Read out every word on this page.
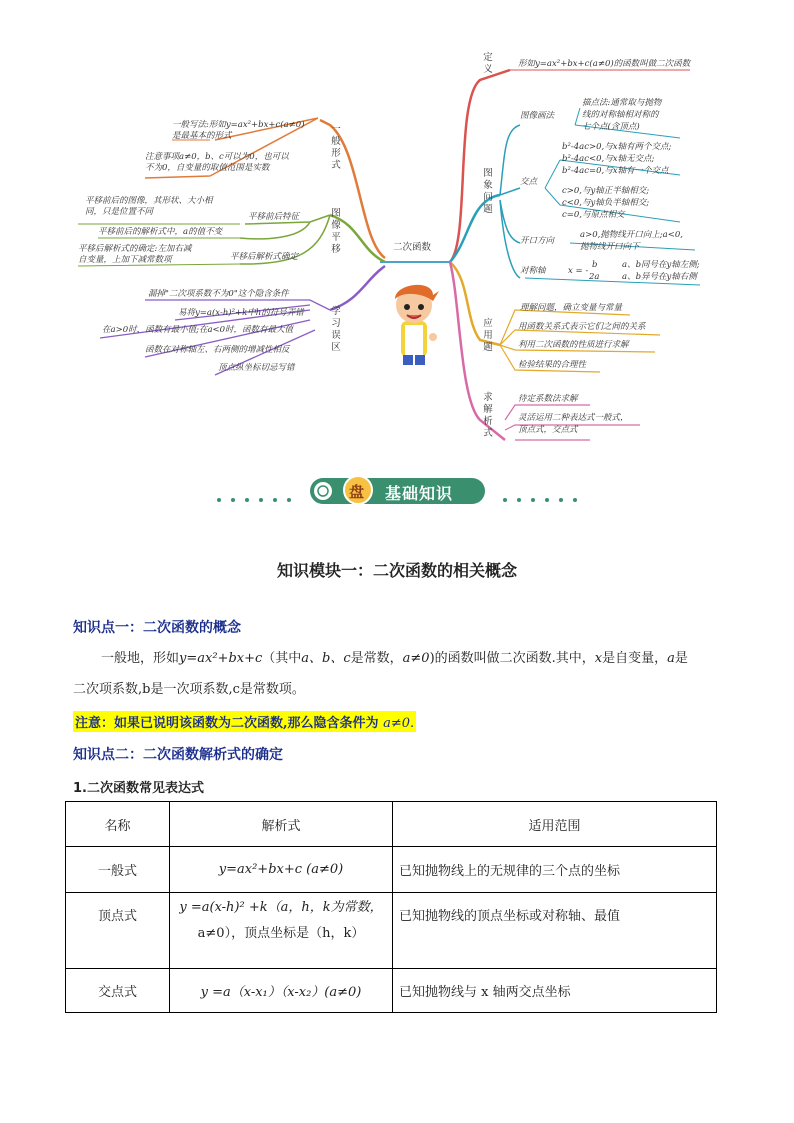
二次函数
一般形式
图像平移
学习误区
一般写法:形如y=ax²+bx+c(a≠0)
是最基本的形式
注意事项a≠0，b、c可以为0，也可以
不为0，自变量的取值范围是实数
平移前后的图像，其形状、大小相
同，只是位置不同	平移前后特征
平移前后的解析式中，a的值不变
平移后解析式确定
平移后解析式的确定:左加右减
自变量，上加下减常数项
漏掉"二次项系数不为0"这个隐含条件
易将y=a(x-h)²+k中h的符号弄错
在a>0时，函数有最小值;在a<0时，函数有最大值
函数在对称轴左、右两侧的增减性相反
顶点纵坐标切忌写错
定义
图象问题
应用题
求解析式
形如y=ax²+bx+c(a≠0)的函数叫做二次函数
图像画法
描点法:通常取与抛物
线的对称轴相对称的
七个点(含顶点)
交点
b²-4ac>0,与x轴有两个交点;
b²-4ac<0,与x轴无交点;
b²-4ac=0,与x轴有一个交点
c>0,与y轴正半轴相交;
c<0,与y轴负半轴相交;
c=0,与原点相交
开口方向
a>0,抛物线开口向上;a<0,
抛物线开口向下
对称轴	x = -
b
2a
a、b同号在y轴左侧;
a、b异号在y轴右侧
理解问题，确立变量与常量
用函数关系式表示它们之间的关系
利用二次函数的性质进行求解
检验结果的合理性
待定系数法求解
灵活运用二种表达式一般式，
顶点式，交点式
盘 基础知识
知识模块一：二次函数的相关概念
知识点一：二次函数的概念
一般地，形如y=ax²+bx+c（其中a、b、c是常数，a≠0)的函数叫做二次函数.其中，x是自变量，a是
二次项系数,b是一次项系数,c是常数项。
注意：如果已说明该函数为二次函数,那么隐含条件为 a≠0.
知识点二：二次函数解析式的确定
1.二次函数常见表达式
名称	解析式	适用范围
一般式	y=ax²+bx+c (a≠0)	已知抛物线上的无规律的三个点的坐标
顶点式	y =a(x-h)² +k（a，h，k为常数，
a≠0），顶点坐标是（h，k）	已知抛物线的顶点坐标或对称轴、最值
交点式	y =a（x-x₁）（x-x₂）(a≠0)	已知抛物线与 x 轴两交点坐标
